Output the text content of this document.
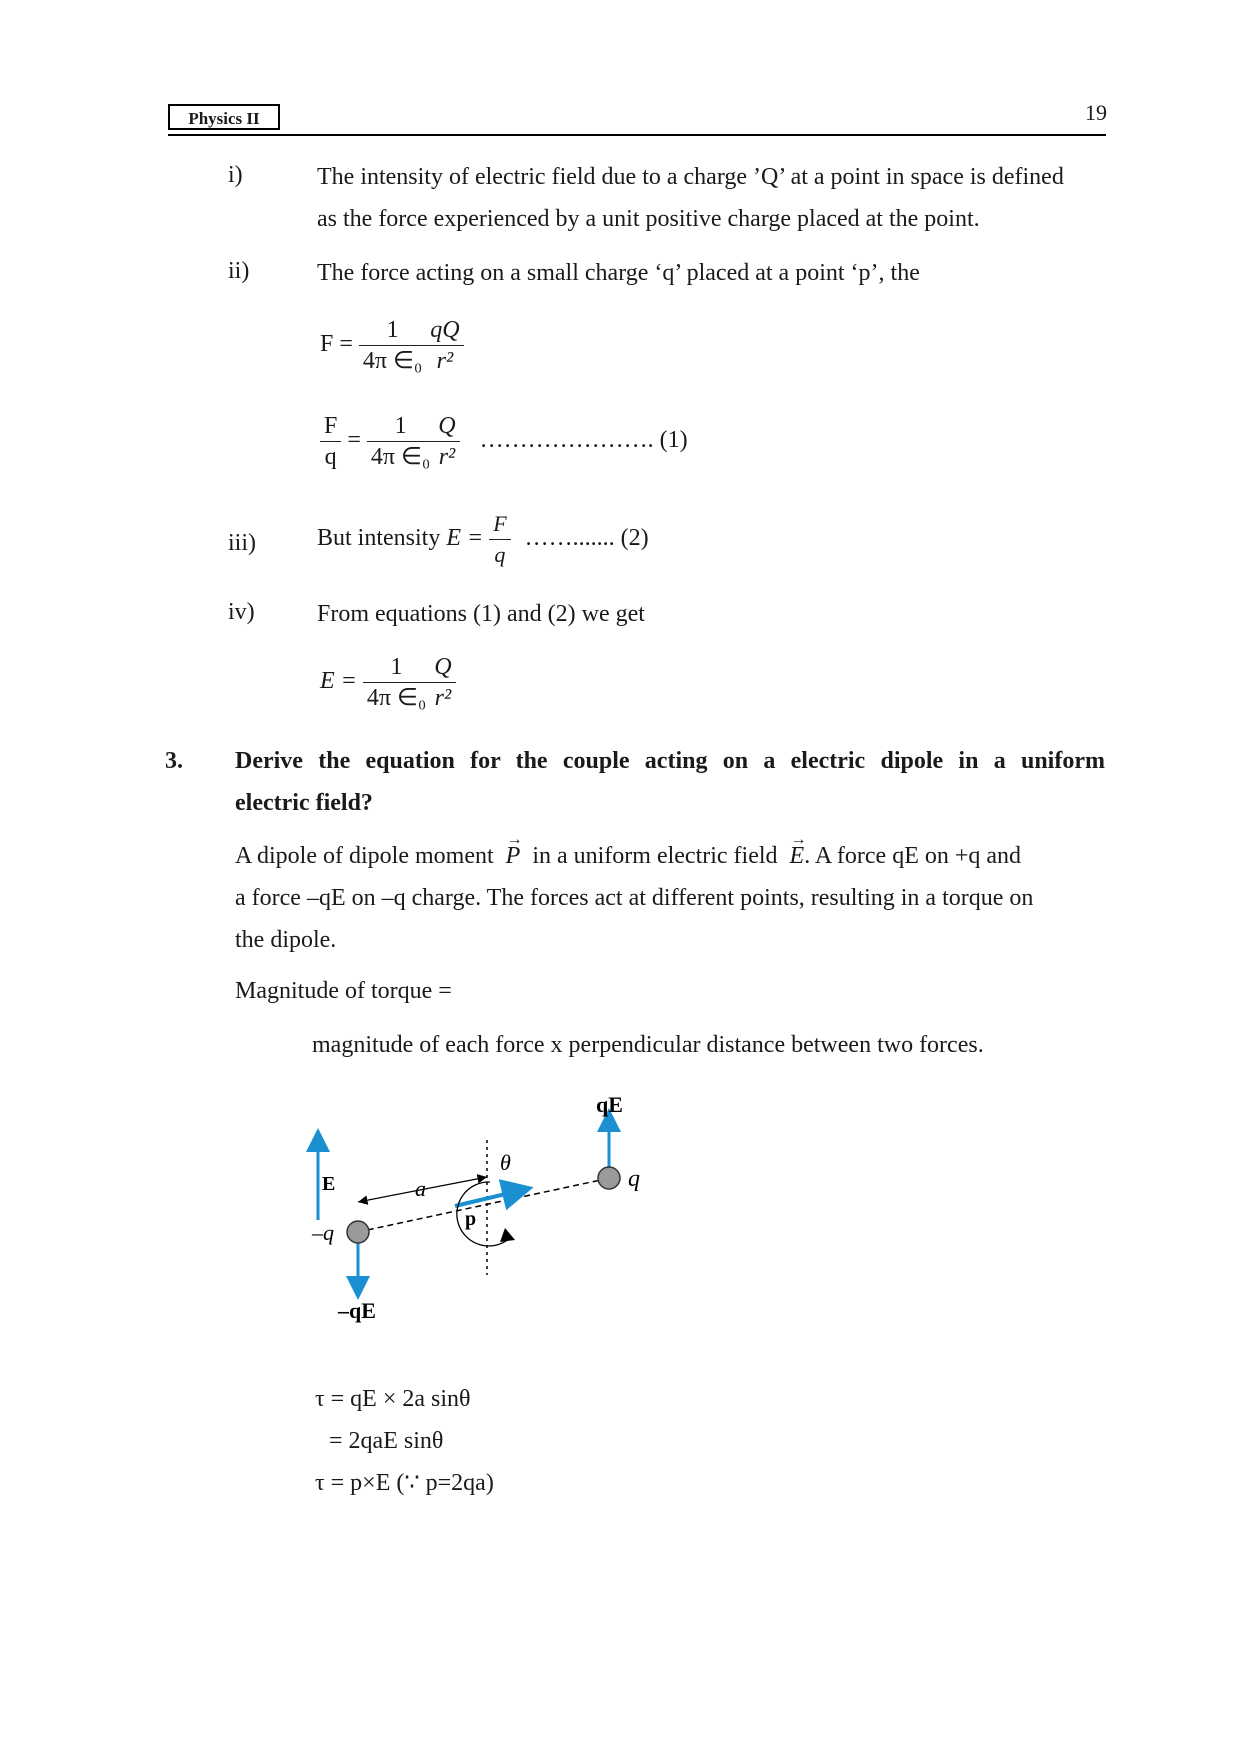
Physics II	19
i)	The intensity of electric field due to a charge ’Q’ at a point in space is defined
as the force experienced by a unit positive charge placed at the point.
ii)	The force acting on a small charge ‘q’ placed at a point ‘p’, the
$F = \frac{1}{\text{4π ∈₀}} \frac{qQ}{\text{r²}}$
$\frac{F}{q} = \frac{1}{\text{4π ∈₀}} \frac{Q}{\text{r²}}$ …………………. (1)
iii)	But intensity $E = \frac{F}{q}$ ……....... (2)
iv)	From equations (1) and (2) we get
$E = \frac{1}{\text{4π ∈₀}} \frac{Q}{\text{r²}}$
3. Derive the equation for the couple acting on a electric dipole in a uniform
electric field?
A dipole of dipole moment → P in a uniform electric field → E. A force qE on +q and
a force –qE on –q charge. The forces act at different points, resulting in a torque on
the dipole.
Magnitude of torque =
magnitude of each force x perpendicular distance between two forces.
qE
q
θ
E	a
p
–q
–qE
τ = qE × 2a sinθ
= 2qaE sinθ
τ = p×E (∵ p=2qa)
